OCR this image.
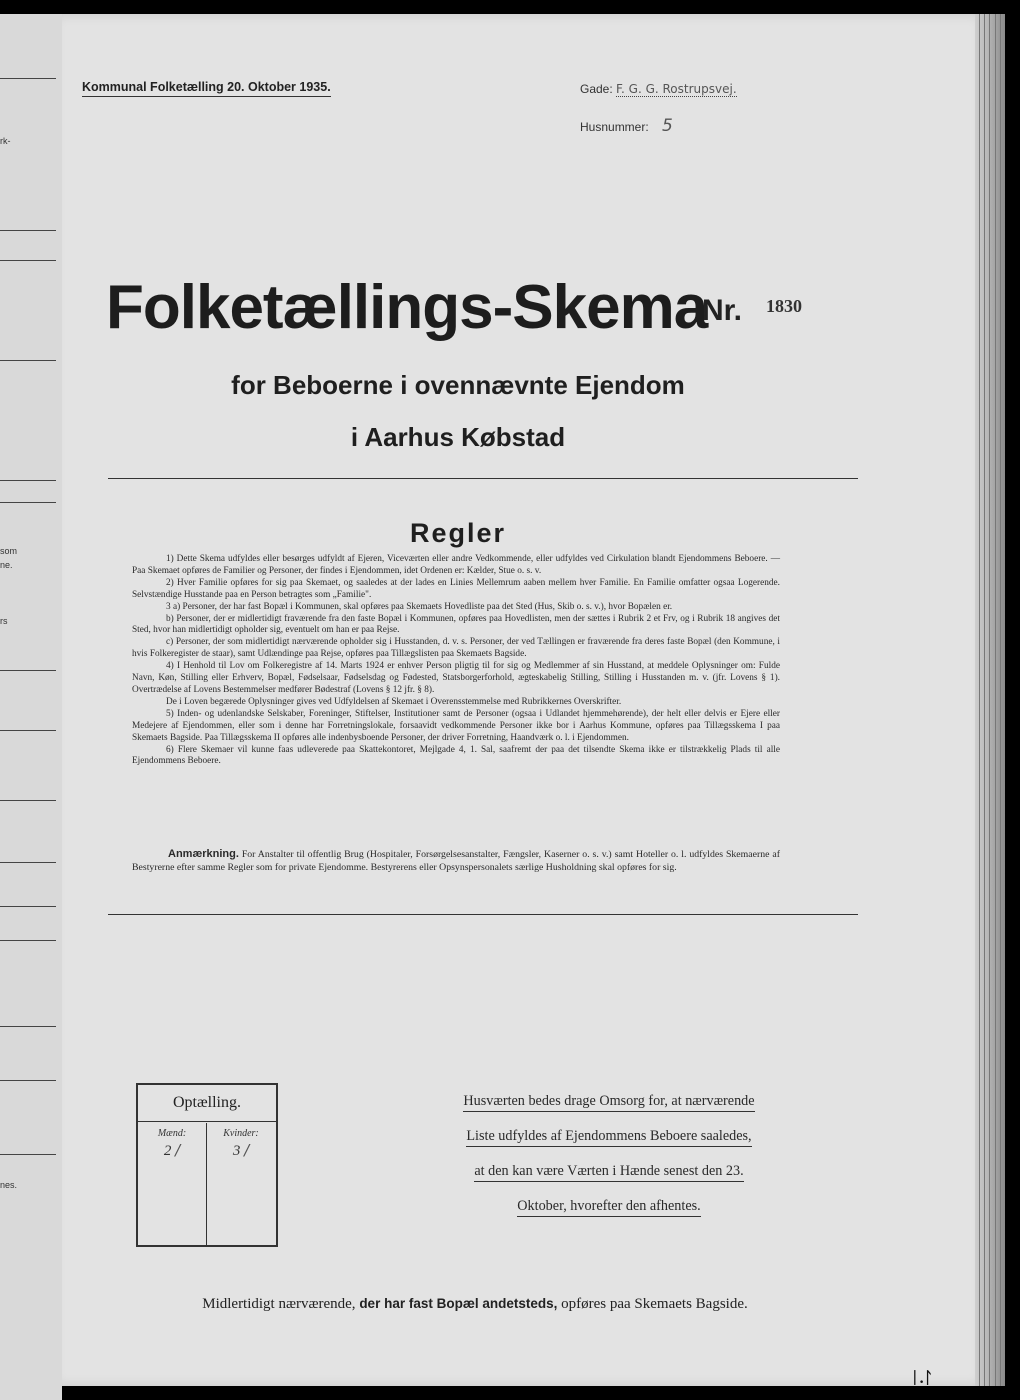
rk-
som
ne.
rs
nes.
Kommunal Folketælling 20. Oktober 1935.	Gade: F. G. G. Rostrupsvej.
Husnummer: 5
Folketællings-Skema
Nr. 1830
for Beboerne i ovennævnte Ejendom
i Aarhus Købstad
Regler

1) Dette Skema udfyldes eller besørges udfyldt af Ejeren, Viceværten eller andre Vedkommende, eller udfyldes ved Cirkulation blandt Ejendommens Beboere. — Paa Skemaet opføres de Familier og Personer, der findes i Ejendommen, idet Ordenen er: Kælder, Stue o. s. v.

2) Hver Familie opføres for sig paa Skemaet, og saaledes at der lades en Linies Mellemrum aaben mellem hver Familie. En Familie omfatter ogsaa Logerende. Selvstændige Husstande paa en Person betragtes som „Familie".

3 a) Personer, der har fast Bopæl i Kommunen, skal opføres paa Skemaets Hovedliste paa det Sted (Hus, Skib o. s. v.), hvor Bopælen er.

b) Personer, der er midlertidigt fraværende fra den faste Bopæl i Kommunen, opføres paa Hovedlisten, men der sættes i Rubrik 2 et Frv, og i Rubrik 18 angives det Sted, hvor han midlertidigt opholder sig, eventuelt om han er paa Rejse.

c) Personer, der som midlertidigt nærværende opholder sig i Husstanden, d. v. s. Personer, der ved Tællingen er fraværende fra deres faste Bopæl (den Kommune, i hvis Folkeregister de staar), samt Udlændinge paa Rejse, opføres paa Tillægslisten paa Skemaets Bagside.

4) I Henhold til Lov om Folkeregistre af 14. Marts 1924 er enhver Person pligtig til for sig og Medlemmer af sin Husstand, at meddele Oplysninger om: Fulde Navn, Køn, Stilling eller Erhverv, Bopæl, Fødselsaar, Fødselsdag og Fødested, Statsborgerforhold, ægteskabelig Stilling, Stilling i Husstanden m. v. (jfr. Lovens § 1). Overtrædelse af Lovens Bestemmelser medfører Bødestraf (Lovens § 12 jfr. § 8).

De i Loven begærede Oplysninger gives ved Udfyldelsen af Skemaet i Overensstemmelse med Rubrikkernes Overskrifter.

5) Inden- og udenlandske Selskaber, Foreninger, Stiftelser, Institutioner samt de Personer (ogsaa i Udlandet hjemmehørende), der helt eller delvis er Ejere eller Medejere af Ejendommen, eller som i denne har Forretningslokale, forsaavidt vedkommende Personer ikke bor i Aarhus Kommune, opføres paa Tillægsskema I paa Skemaets Bagside. Paa Tillægsskema II opføres alle indenbysboende Personer, der driver Forretning, Haandværk o. l. i Ejendommen.

6) Flere Skemaer vil kunne faas udleverede paa Skattekontoret, Mejlgade 4, 1. Sal, saafremt der paa det tilsendte Skema ikke er tilstrækkelig Plads til alle Ejendommens Beboere.

Anmærkning. For Anstalter til offentlig Brug (Hospitaler, Forsørgelsesanstalter, Fængsler, Kaserner o. s. v.) samt Hoteller o. l. udfyldes Skemaerne af Bestyrerne efter samme Regler som for private Ejendomme. Bestyrerens eller Opsynspersonalets særlige Husholdning skal opføres for sig.
Optælling.
Mænd:
2 /
Kvinder:
3 /
Husværten bedes drage Omsorg for, at nærværende
Liste udfyldes af Ejendommens Beboere saaledes,
at den kan være Værten i Hænde senest den 23.
Oktober, hvorefter den afhentes.
Midlertidigt nærværende, der har fast Bopæl andetsteds, opføres paa Skemaets Bagside.
ᛁ.ᛚ
